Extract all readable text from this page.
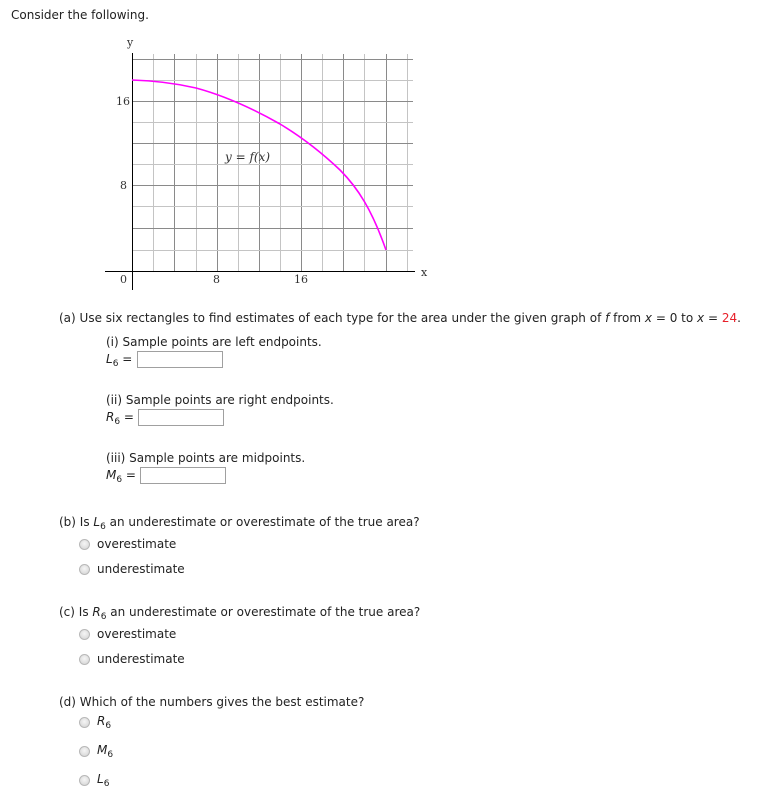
Consider the following.
y
x
16
8
0	8	16
y = f(x)
(a) Use six rectangles to find estimates of each type for the area under the given graph of f from x = 0 to x = 24.
(i) Sample points are left endpoints.
$L_6$ =
(ii) Sample points are right endpoints.
$R_6$ =
(iii) Sample points are midpoints.
$M_6$ =
(b) Is $L_6$ an underestimate or overestimate of the true area?
overestimate
underestimate
(c) Is $R_6$ an underestimate or overestimate of the true area?
overestimate
underestimate
(d) Which of the numbers gives the best estimate?
$R_6$
$M_6$
$L_6$
